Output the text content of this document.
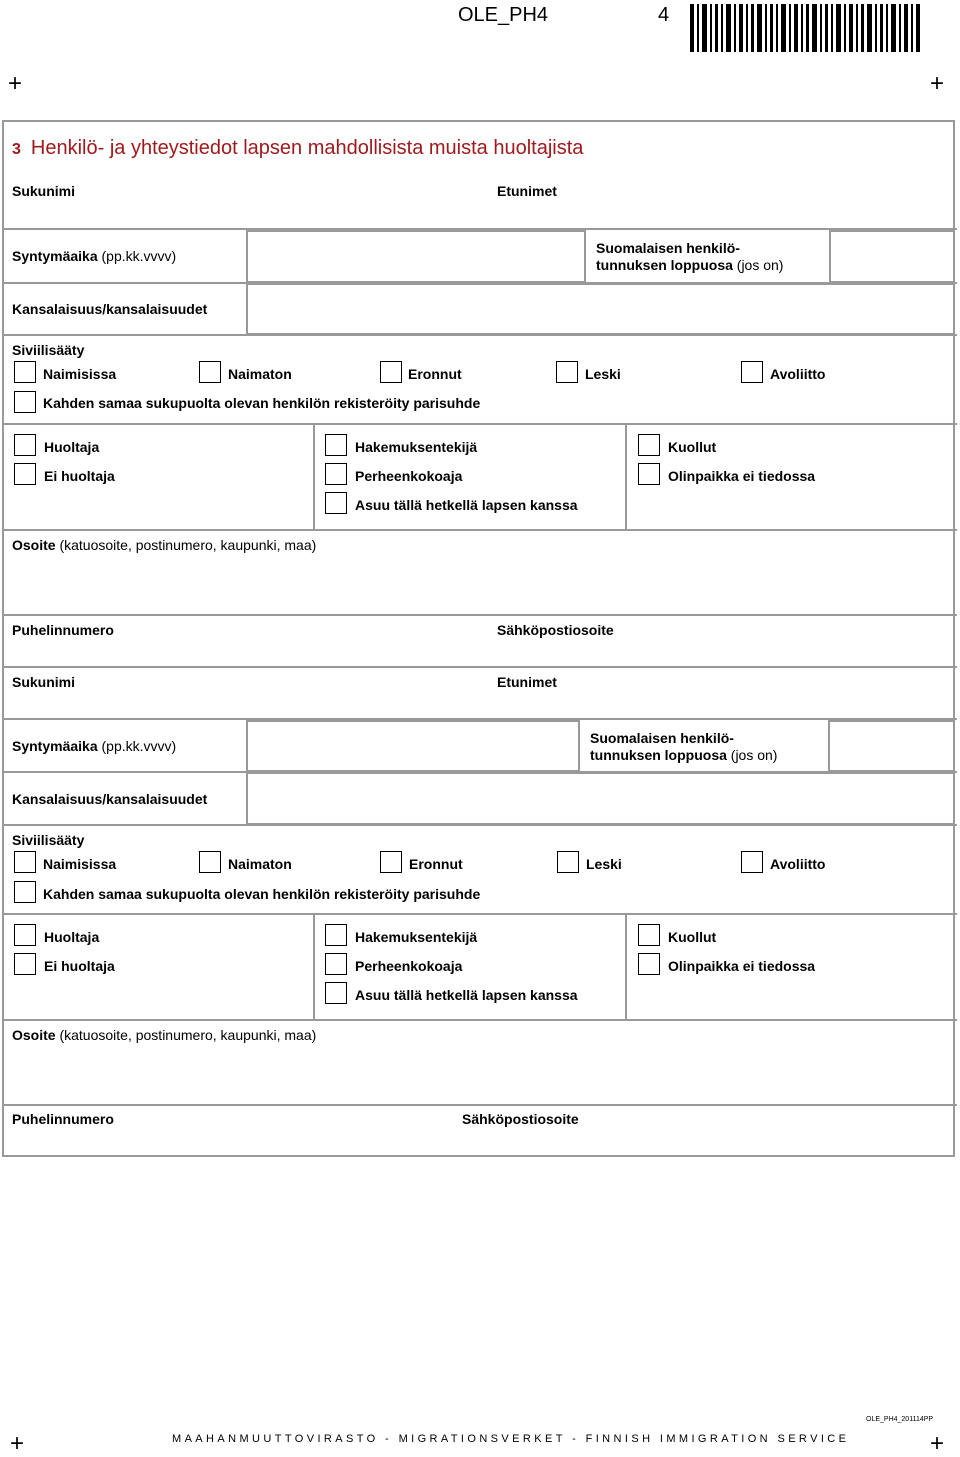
OLE_PH4	4
+	+
+	+
3 Henkilö- ja yhteystiedot lapsen mahdollisista muista huoltajista
Sukunimi	Etunimet
Syntymäaika (pp.kk.vvvv)	Suomalaisen henkilö-
tunnuksen loppuosa (jos on)
Kansalaisuus/kansalaisuudet
Siviilisääty
Naimisissa	Naimaton	Eronnut	Leski	Avoliitto
Kahden samaa sukupuolta olevan henkilön rekisteröity parisuhde
Huoltaja
Ei huoltaja
Hakemuksentekijä
Perheenkokoaja
Asuu tällä hetkellä lapsen kanssa
Kuollut
Olinpaikka ei tiedossa
Osoite (katuosoite, postinumero, kaupunki, maa)
Puhelinnumero	Sähköpostiosoite
Sukunimi	Etunimet
Syntymäaika (pp.kk.vvvv)	Suomalaisen henkilö-
tunnuksen loppuosa (jos on)
Kansalaisuus/kansalaisuudet
Siviilisääty
Naimisissa	Naimaton	Eronnut	Leski	Avoliitto
Kahden samaa sukupuolta olevan henkilön rekisteröity parisuhde
Huoltaja
Ei huoltaja
Hakemuksentekijä
Perheenkokoaja
Asuu tällä hetkellä lapsen kanssa
Kuollut
Olinpaikka ei tiedossa
Osoite (katuosoite, postinumero, kaupunki, maa)
Puhelinnumero	Sähköpostiosoite
OLE_PH4_201114PP
MAAHANMUUTTOVIRASTO - MIGRATIONSVERKET - FINNISH IMMIGRATION SERVICE
